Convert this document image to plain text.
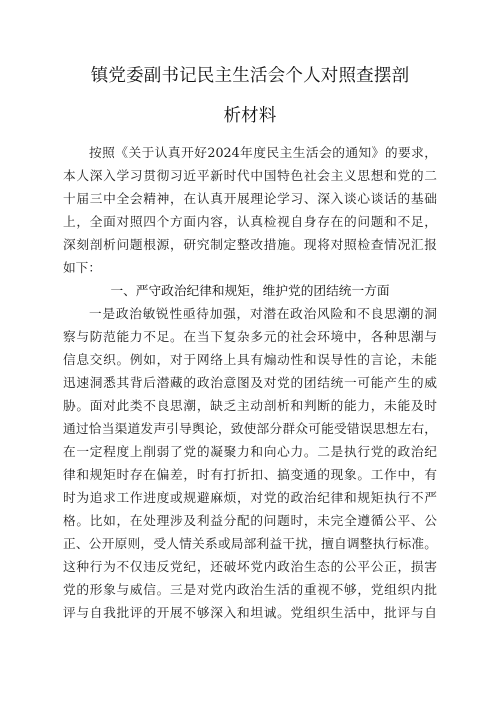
镇党委副书记民主生活会个人对照查摆剖
析材料
按照《关于认真开好2024年度民主生活会的通知》的要求，
本人深入学习贯彻习近平新时代中国特色社会主义思想和党的二
十届三中全会精神，在认真开展理论学习、深入谈心谈话的基础
上，全面对照四个方面内容，认真检视自身存在的问题和不足，
深刻剖析问题根源，研究制定整改措施。现将对照检查情况汇报
如下：
一、严守政治纪律和规矩，维护党的团结统一方面
一是政治敏锐性亟待加强，对潜在政治风险和不良思潮的洞
察与防范能力不足。在当下复杂多元的社会环境中，各种思潮与
信息交织。例如，对于网络上具有煽动性和误导性的言论，未能
迅速洞悉其背后潜藏的政治意图及对党的团结统一可能产生的威
胁。面对此类不良思潮，缺乏主动剖析和判断的能力，未能及时
通过恰当渠道发声引导舆论，致使部分群众可能受错误思想左右，
在一定程度上削弱了党的凝聚力和向心力。二是执行党的政治纪
律和规矩时存在偏差，时有打折扣、搞变通的现象。工作中，有
时为追求工作进度或规避麻烦，对党的政治纪律和规矩执行不严
格。比如，在处理涉及利益分配的问题时，未完全遵循公平、公
正、公开原则，受人情关系或局部利益干扰，擅自调整执行标准。
这种行为不仅违反党纪，还破坏党内政治生态的公平公正，损害
党的形象与威信。三是对党内政治生活的重视不够，党组织内批
评与自我批评的开展不够深入和坦诚。党组织生活中，批评与自
